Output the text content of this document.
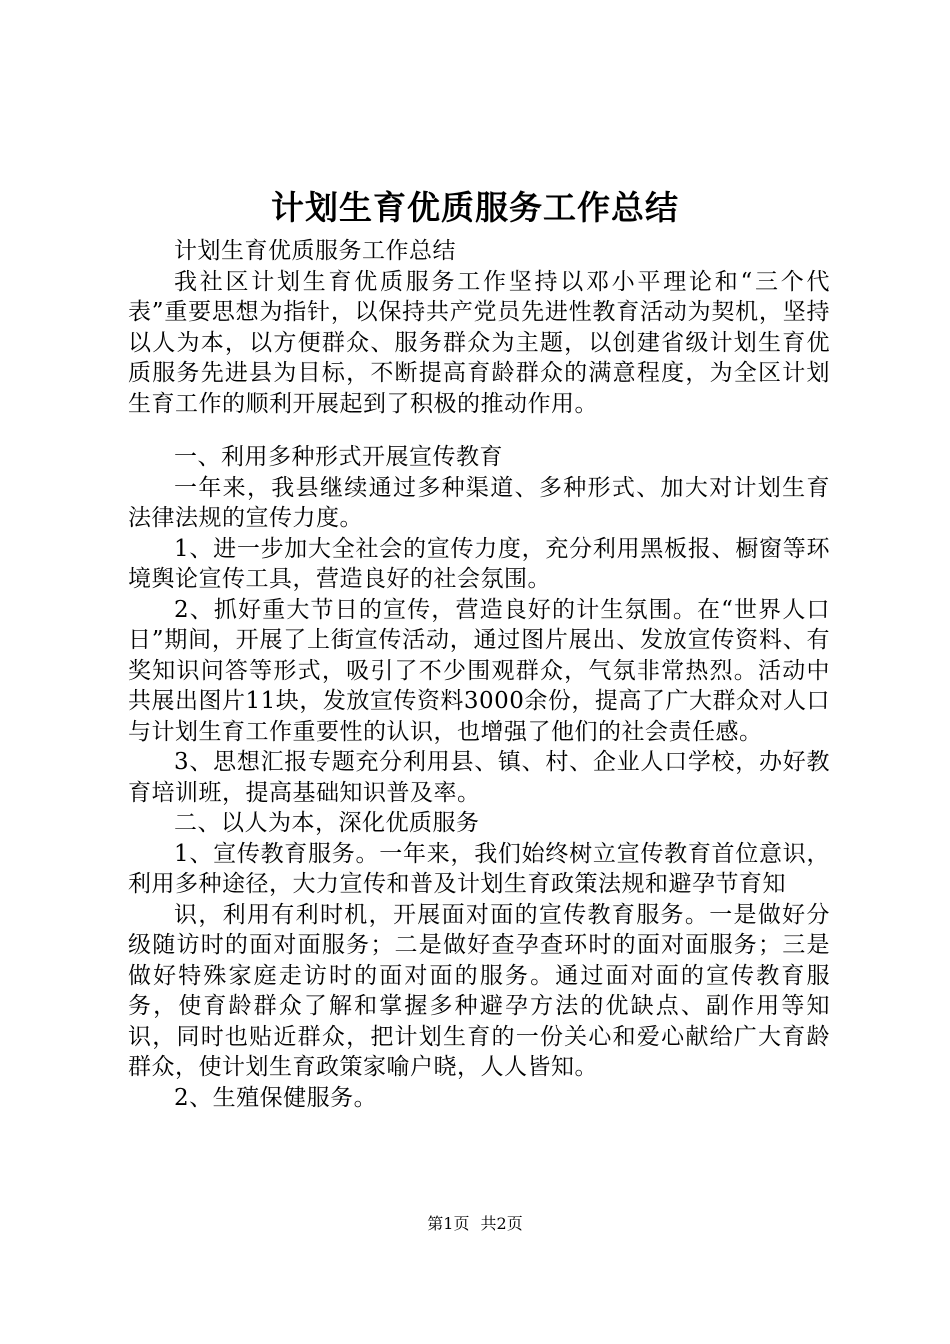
计划生育优质服务工作总结

计划生育优质服务工作总结

我社区计划生育优质服务工作坚持以邓小平理论和“三个代表”重要思想为指针，以保持共产党员先进性教育活动为契机，坚持以人为本，以方便群众、服务群众为主题，以创建省级计划生育优质服务先进县为目标，不断提高育龄群众的满意程度，为全区计划生育工作的顺利开展起到了积极的推动作用。

一、利用多种形式开展宣传教育

一年来，我县继续通过多种渠道、多种形式、加大对计划生育法律法规的宣传力度。

1、进一步加大全社会的宣传力度，充分利用黑板报、橱窗等环境舆论宣传工具，营造良好的社会氛围。

2、抓好重大节日的宣传，营造良好的计生氛围。在“世界人口日”期间，开展了上街宣传活动，通过图片展出、发放宣传资料、有奖知识问答等形式，吸引了不少围观群众，气氛非常热烈。活动中共展出图片11块，发放宣传资料3000余份，提高了广大群众对人口与计划生育工作重要性的认识，也增强了他们的社会责任感。

3、思想汇报专题充分利用县、镇、村、企业人口学校，办好教育培训班，提高基础知识普及率。

二、以人为本，深化优质服务

1、宣传教育服务。一年来，我们始终树立宣传教育首位意识，利用多种途径，大力宣传和普及计划生育政策法规和避孕节育知

识，利用有利时机，开展面对面的宣传教育服务。一是做好分级随访时的面对面服务；二是做好查孕查环时的面对面服务；三是做好特殊家庭走访时的面对面的服务。通过面对面的宣传教育服务，使育龄群众了解和掌握多种避孕方法的优缺点、副作用等知识，同时也贴近群众，把计划生育的一份关心和爱心献给广大育龄群众，使计划生育政策家喻户晓，人人皆知。

2、生殖保健服务。

第1页 共2页
